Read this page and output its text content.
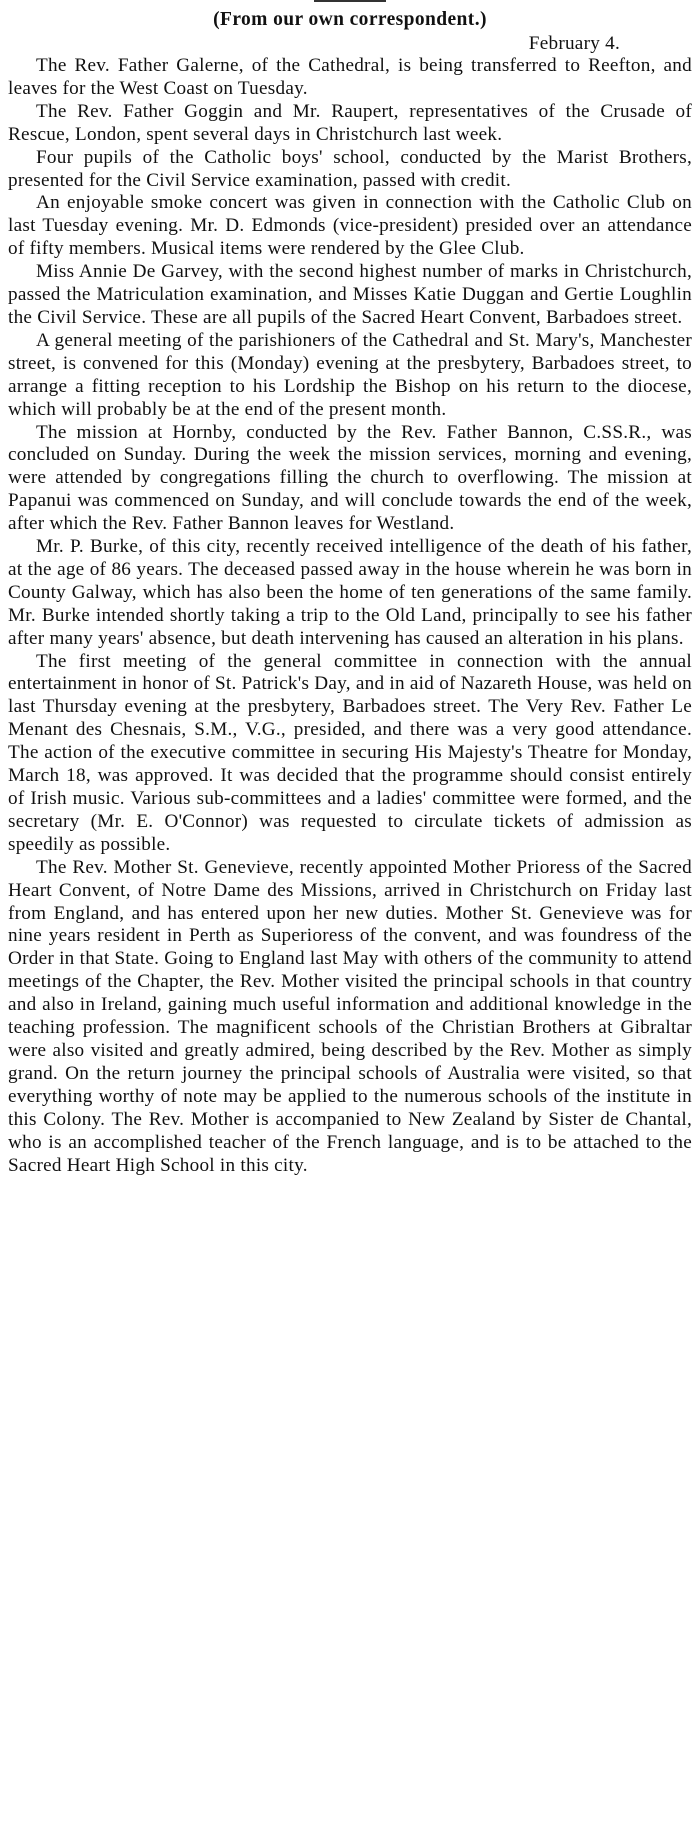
(From our own correspondent.)

February 4.

The Rev. Father Galerne, of the Cathedral, is being transferred to Reefton, and leaves for the West Coast on Tuesday.

The Rev. Father Goggin and Mr. Raupert, representatives of the Crusade of Rescue, London, spent several days in Christchurch last week.

Four pupils of the Catholic boys' school, conducted by the Marist Brothers, presented for the Civil Service examination, passed with credit.

An enjoyable smoke concert was given in connection with the Catholic Club on last Tuesday evening. Mr. D. Edmonds (vice-president) presided over an attendance of fifty members. Musical items were rendered by the Glee Club.

Miss Annie De Garvey, with the second highest number of marks in Christchurch, passed the Matriculation examination, and Misses Katie Duggan and Gertie Loughlin the Civil Service. These are all pupils of the Sacred Heart Convent, Barbadoes street.

A general meeting of the parishioners of the Cathedral and St. Mary's, Manchester street, is convened for this (Monday) evening at the presbytery, Barbadoes street, to arrange a fitting reception to his Lordship the Bishop on his return to the diocese, which will probably be at the end of the present month.

The mission at Hornby, conducted by the Rev. Father Bannon, C.SS.R., was concluded on Sunday. During the week the mission services, morning and evening, were attended by congregations filling the church to overflowing. The mission at Papanui was commenced on Sunday, and will conclude towards the end of the week, after which the Rev. Father Bannon leaves for Westland.

Mr. P. Burke, of this city, recently received intelligence of the death of his father, at the age of 86 years. The deceased passed away in the house wherein he was born in County Galway, which has also been the home of ten generations of the same family. Mr. Burke intended shortly taking a trip to the Old Land, principally to see his father after many years' absence, but death intervening has caused an alteration in his plans.

The first meeting of the general committee in connection with the annual entertainment in honor of St. Patrick's Day, and in aid of Nazareth House, was held on last Thursday evening at the presbytery, Barbadoes street. The Very Rev. Father Le Menant des Chesnais, S.M., V.G., presided, and there was a very good attendance. The action of the executive committee in securing His Majesty's Theatre for Monday, March 18, was approved. It was decided that the programme should consist entirely of Irish music. Various sub-committees and a ladies' committee were formed, and the secretary (Mr. E. O'Connor) was requested to circulate tickets of admission as speedily as possible.

The Rev. Mother St. Genevieve, recently appointed Mother Prioress of the Sacred Heart Convent, of Notre Dame des Missions, arrived in Christchurch on Friday last from England, and has entered upon her new duties. Mother St. Genevieve was for nine years resident in Perth as Superioress of the convent, and was foundress of the Order in that State. Going to England last May with others of the community to attend meetings of the Chapter, the Rev. Mother visited the principal schools in that country and also in Ireland, gaining much useful information and additional knowledge in the teaching profession. The magnificent schools of the Christian Brothers at Gibraltar were also visited and greatly admired, being described by the Rev. Mother as simply grand. On the return journey the principal schools of Australia were visited, so that everything worthy of note may be applied to the numerous schools of the institute in this Colony. The Rev. Mother is accompanied to New Zealand by Sister de Chantal, who is an accomplished teacher of the French language, and is to be attached to the Sacred Heart High School in this city.
